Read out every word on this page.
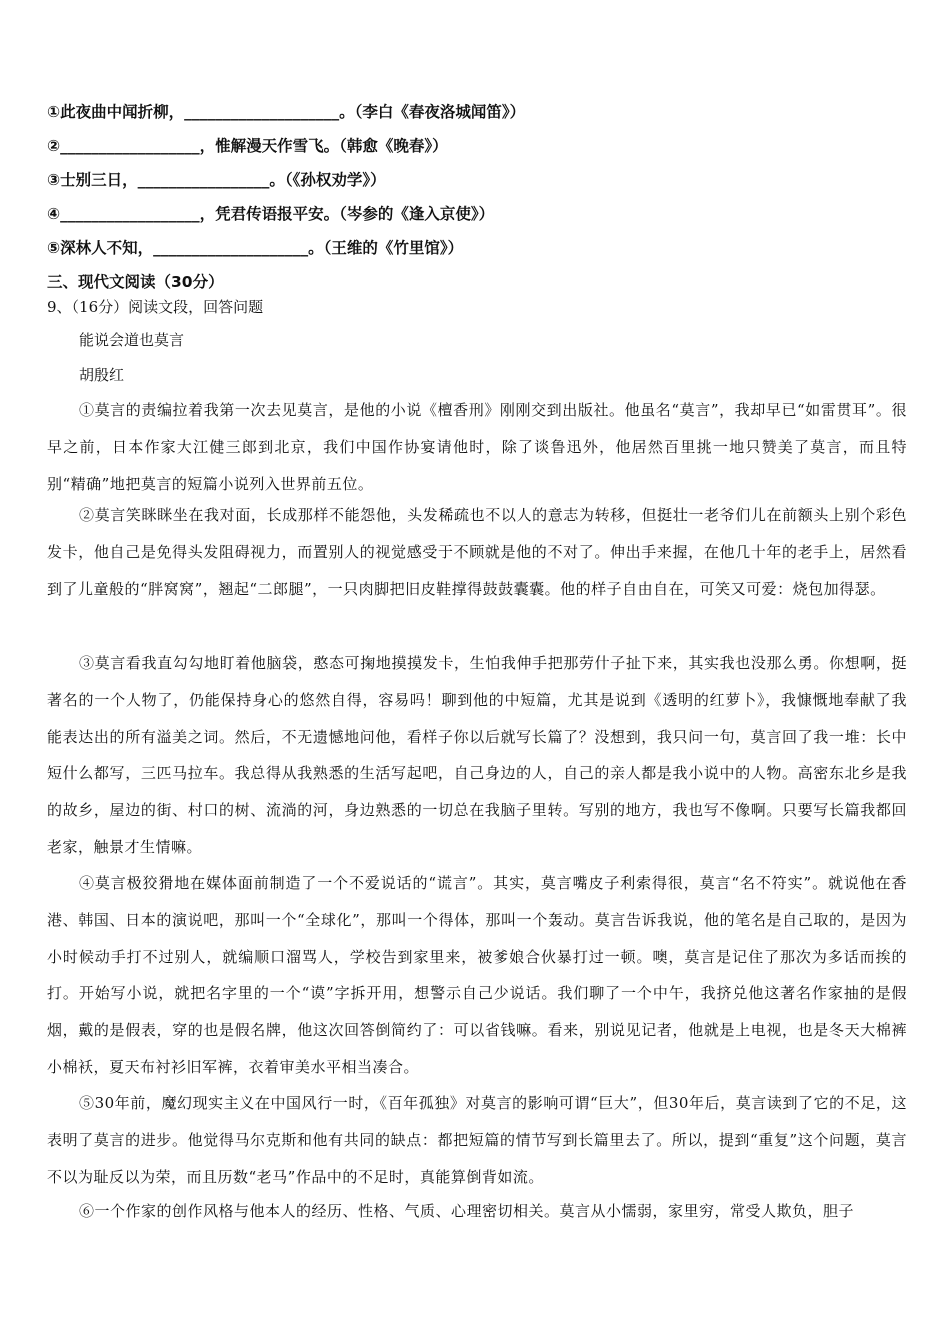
①此夜曲中闻折柳，____________________。（李白《春夜洛城闻笛》）
②__________________，惟解漫天作雪飞。（韩愈《晚春》）
③士别三日，_________________。（《孙权劝学》）
④__________________，凭君传语报平安。（岑参的《逢入京使》）
⑤深林人不知，____________________。（王维的《竹里馆》）
三、现代文阅读（30分）
9、（16分）阅读文段，回答问题
能说会道也莫言
胡殷红

①莫言的责编拉着我第一次去见莫言，是他的小说《檀香刑》刚刚交到出版社。他虽名“莫言”，我却早已“如雷贯耳”。很早之前，日本作家大江健三郎到北京，我们中国作协宴请他时，除了谈鲁迅外，他居然百里挑一地只赞美了莫言，而且特别“精确”地把莫言的短篇小说列入世界前五位。

②莫言笑眯眯坐在我对面，长成那样不能怨他，头发稀疏也不以人的意志为转移，但挺壮一老爷们儿在前额头上别个彩色发卡，他自己是免得头发阻碍视力，而置别人的视觉感受于不顾就是他的不对了。伸出手来握，在他几十年的老手上，居然看到了儿童般的“胖窝窝”，翘起“二郎腿”，一只肉脚把旧皮鞋撑得鼓鼓囊囊。他的样子自由自在，可笑又可爱：烧包加得瑟。

③莫言看我直勾勾地盯着他脑袋，憨态可掬地摸摸发卡，生怕我伸手把那劳什子扯下来，其实我也没那么勇。你想啊，挺著名的一个人物了，仍能保持身心的悠然自得，容易吗！聊到他的中短篇，尤其是说到《透明的红萝卜》，我慷慨地奉献了我能表达出的所有溢美之词。然后，不无遗憾地问他，看样子你以后就写长篇了？没想到，我只问一句，莫言回了我一堆：长中短什么都写，三匹马拉车。我总得从我熟悉的生活写起吧，自己身边的人，自己的亲人都是我小说中的人物。高密东北乡是我的故乡，屋边的街、村口的树、流淌的河，身边熟悉的一切总在我脑子里转。写别的地方，我也写不像啊。只要写长篇我都回老家，触景才生情嘛。

④莫言极狡猾地在媒体面前制造了一个不爱说话的“谎言”。其实，莫言嘴皮子利索得很，莫言“名不符实”。就说他在香港、韩国、日本的演说吧，那叫一个“全球化”，那叫一个得体，那叫一个轰动。莫言告诉我说，他的笔名是自己取的，是因为小时候动手打不过别人，就编顺口溜骂人，学校告到家里来，被爹娘合伙暴打过一顿。噢，莫言是记住了那次为多话而挨的打。开始写小说，就把名字里的一个“谟”字拆开用，想警示自己少说话。我们聊了一个中午，我挤兑他这著名作家抽的是假烟，戴的是假表，穿的也是假名牌，他这次回答倒简约了：可以省钱嘛。看来，别说见记者，他就是上电视，也是冬天大棉裤小棉袄，夏天布衬衫旧军裤，衣着审美水平相当凑合。

⑤30年前，魔幻现实主义在中国风行一时，《百年孤独》对莫言的影响可谓“巨大”，但30年后，莫言读到了它的不足，这表明了莫言的进步。他觉得马尔克斯和他有共同的缺点：都把短篇的情节写到长篇里去了。所以，提到“重复”这个问题，莫言不以为耻反以为荣，而且历数“老马”作品中的不足时，真能算倒背如流。

⑥一个作家的创作风格与他本人的经历、性格、气质、心理密切相关。莫言从小懦弱，家里穷，常受人欺负，胆子
